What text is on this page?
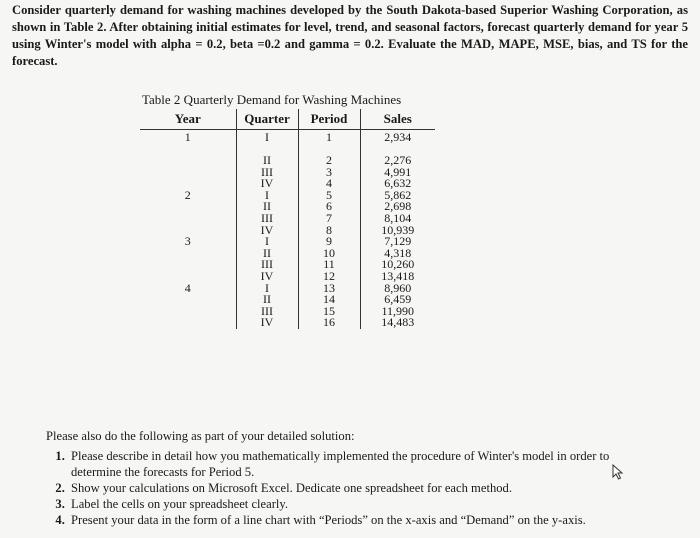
Consider quarterly demand for washing machines developed by the South Dakota-based Superior Washing Corporation, as shown in Table 2. After obtaining initial estimates for level, trend, and seasonal factors, forecast quarterly demand for year 5 using Winter's model with alpha = 0.2, beta =0.2 and gamma = 0.2. Evaluate the MAD, MAPE, MSE, bias, and TS for the forecast.
Table 2 Quarterly Demand for Washing Machines
Year	Quarter	Period	Sales
1	I	1	2,934
	II	2	2,276
	III	3	4,991
	IV	4	6,632
2	I	5	5,862
	II	6	2,698
	III	7	8,104
	IV	8	10,939
3	I	9	7,129
	II	10	4,318
	III	11	10,260
	IV	12	13,418
4	I	13	8,960
	II	14	6,459
	III	15	11,990
	IV	16	14,483
Please also do the following as part of your detailed solution:
1. Please describe in detail how you mathematically implemented the procedure of Winter's model in order to determine the forecasts for Period 5.
2. Show your calculations on Microsoft Excel. Dedicate one spreadsheet for each method.
3. Label the cells on your spreadsheet clearly.
4. Present your data in the form of a line chart with “Periods” on the x-axis and “Demand” on the y-axis.
